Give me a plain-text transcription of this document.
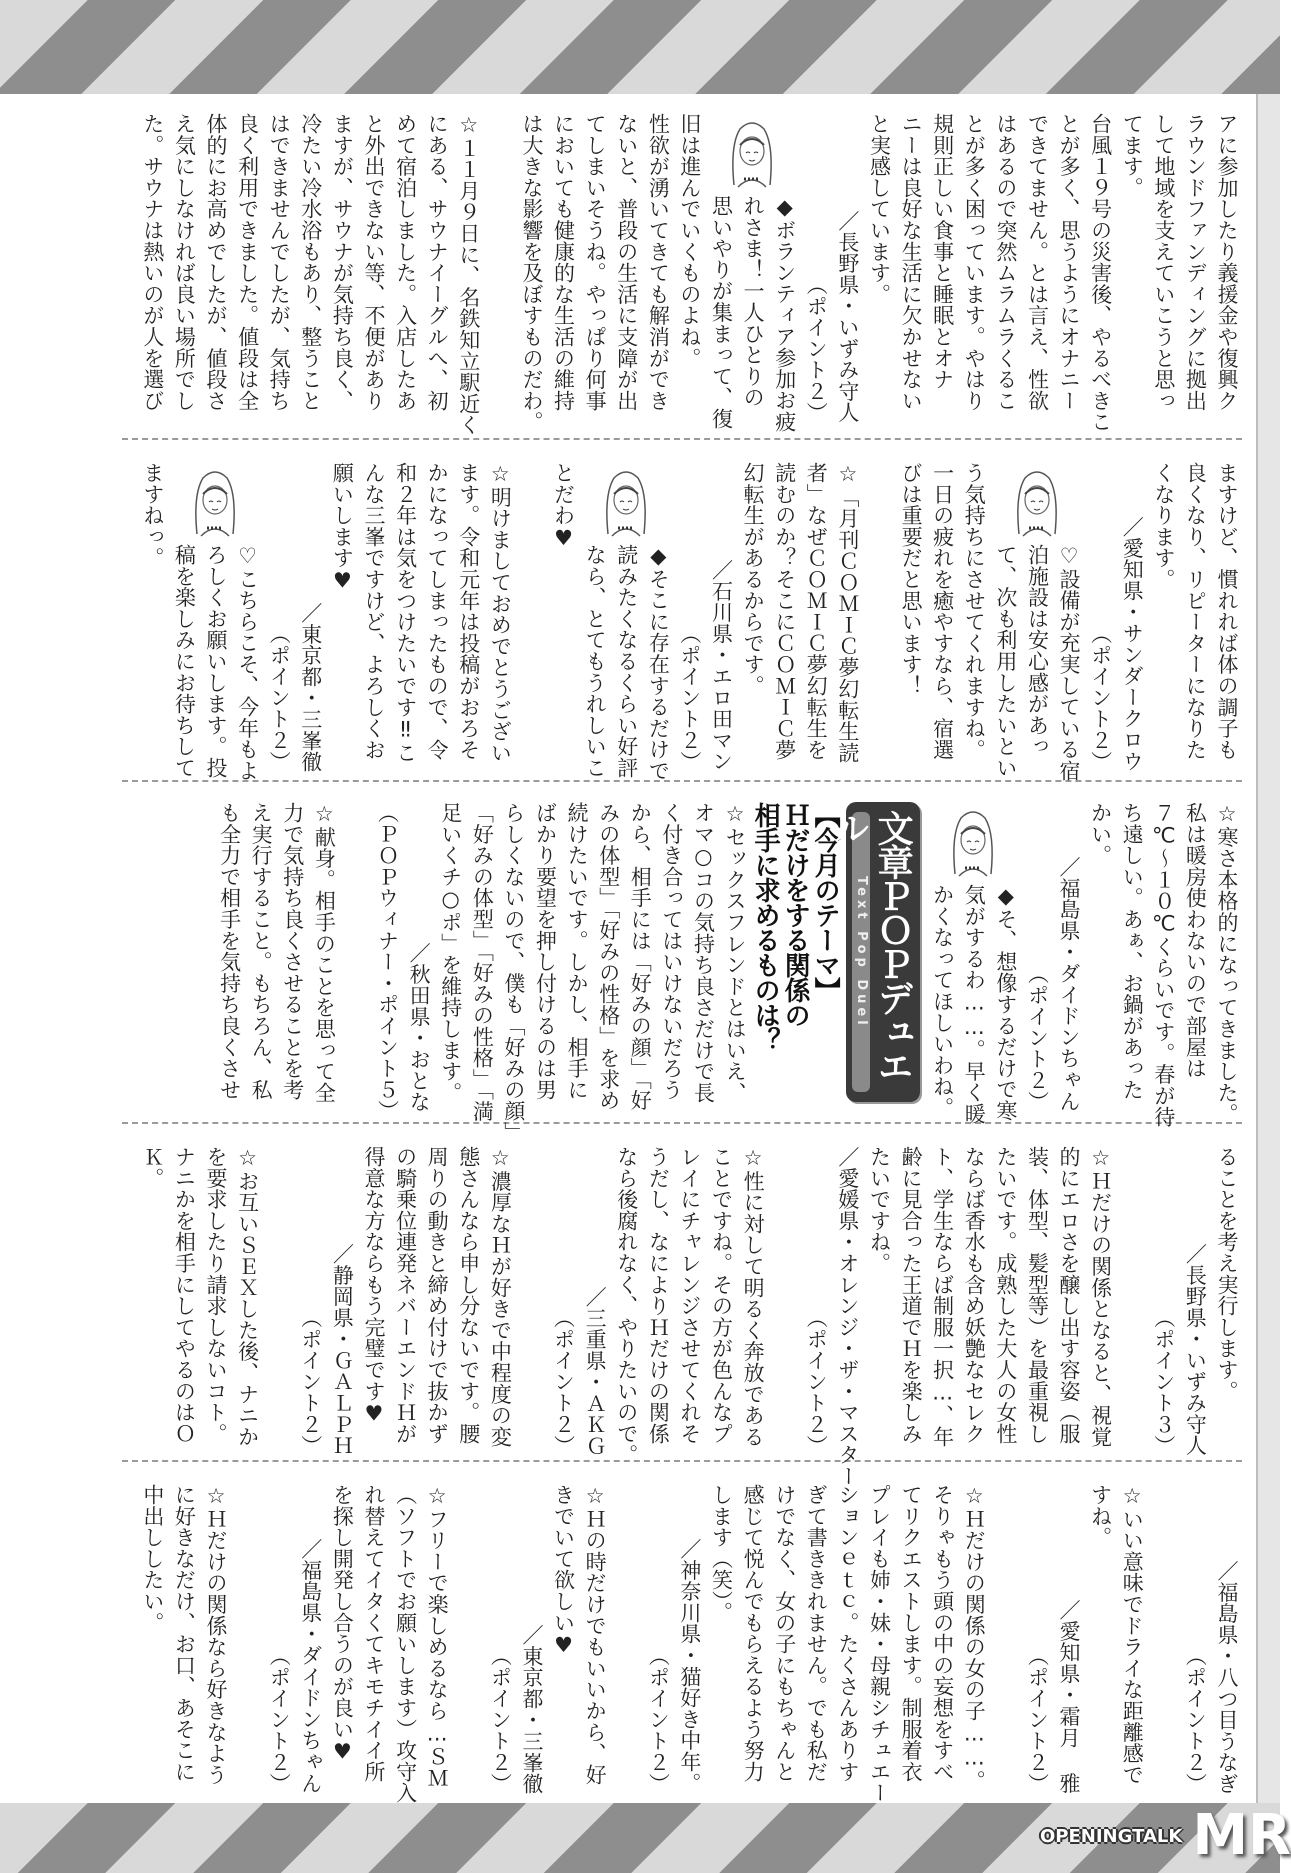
アに参加したり義援金や復興ク
ラウンドファンディングに拠出
して地域を支えていこうと思っ
てます。
台風１９号の災害後、やるべきこ
とが多く、思うようにオナニー
できてません。とは言え、性欲
はあるので突然ムラムラくるこ
とが多く困っています。やはり
規則正しい食事と睡眠とオナ
ニーは良好な生活に欠かせない
と実感しています。
／長野県・いずみ守人
（ポイント２）
◆ボランティア参加お疲
れさま！一人ひとりの
思いやりが集まって、復
旧は進んでいくものよね。
性欲が湧いてきても解消ができ
ないと、普段の生活に支障が出
てしまいそうね。やっぱり何事
においても健康的な生活の維持
は大きな影響を及ぼすものだわ。
☆１１月９日に、名鉄知立駅近く
にある、サウナイーグルへ、初
めて宿泊しました。入店したあ
と外出できない等、不便があり
ますが、サウナが気持ち良く、
冷たい冷水浴もあり、整うこと
はできませんでしたが、気持ち
良く利用できました。値段は全
体的にお高めでしたが、値段さ
え気にしなければ良い場所でし
た。サウナは熱いのが人を選び
ますけど、慣れれば体の調子も
良くなり、リピーターになりた
くなります。
／愛知県・サンダークロウ
（ポイント２）
♡設備が充実している宿
泊施設は安心感があっ
て、次も利用したいとい
う気持ちにさせてくれますね。
一日の疲れを癒やすなら、宿選
びは重要だと思います！
☆「月刊ＣＯＭＩＣ夢幻転生読
者」なぜＣＯＭＩＣ夢幻転生を
読むのか？そこにＣＯＭＩＣ夢
幻転生があるからです。
／石川県・エロ田マン
（ポイント２）
◆そこに存在するだけで
読みたくなるくらい好評
なら、とてもうれしいこ
とだわ♥
☆明けましておめでとうござい
ます。令和元年は投稿がおろそ
かになってしまったもので、令
和２年は気をつけたいです‼こ
んな三峯ですけど、よろしくお
願いします♥
／東京都・三峯徹
（ポイント２）
♡こちらこそ、今年もよ
ろしくお願いします。投
稿を楽しみにお待ちして
ますねっ。
☆寒さ本格的になってきました。
私は暖房使わないので部屋は
７℃〜１０℃くらいです。春が待
ち遠しい。あぁ、お鍋があった
かい。
／福島県・ダイドンちゃん
（ポイント２）
◆そ、想像するだけで寒
気がするわ……。早く暖
かくなってほしいわね。
Text Pop Duel 文章ＰＯＰデュエル
【今月のテーマ】
Ｈだけをする関係の
相手に求めるものは？
☆セックスフレンドとはいえ、
オマ○コの気持ち良さだけで長
く付き合ってはいけないだろう
から、相手には「好みの顔」「好
みの体型」「好みの性格」を求め
続けたいです。しかし、相手に
ばかり要望を押し付けるのは男
らしくないので、僕も「好みの顔」
「好みの体型」「好みの性格」「満
足いくチ○ポ」を維持します。
／秋田県・おとな
（ＰＯＰウィナー・ポイント５）
☆献身。相手のことを思って全
力で気持ち良くさせることを考
え実行すること。もちろん、私
も全力で相手を気持ち良くさせ
ることを考え実行します。
／長野県・いずみ守人
（ポイント３）
☆Ｈだけの関係となると、視覚
的にエロさを醸し出す容姿（服
装、体型、髪型等）を最重視し
たいです。成熟した大人の女性
ならば香水も含め妖艶なセレク
ト、学生ならば制服一択…、年
齢に見合った王道でＨを楽しみ
たいですね。
／愛媛県・オレンジ・ザ・マスター
（ポイント２）
☆性に対して明るく奔放である
ことですね。その方が色んなプ
レイにチャレンジさせてくれそ
うだし、なによりＨだけの関係
なら後腐れなく、やりたいので。
／三重県・ＡＫＧ
（ポイント２）
☆濃厚なＨが好きで中程度の変
態さんなら申し分ないです。腰
周りの動きと締め付けで抜かず
の騎乗位連発ネバーエンドＨが
得意な方ならもう完璧です♥
／静岡県・ＧＡＬＰＨ
（ポイント２）
☆お互いＳＥＸした後、ナニか
を要求したり請求しないコト。
ナニかを相手にしてやるのはＯ
Ｋ。
／福島県・八つ目うなぎ
（ポイント２）
☆いい意味でドライな距離感で
すね。
／愛知県・霜月 雅
（ポイント２）
☆Ｈだけの関係の女の子……。
そりゃもう頭の中の妄想をすべ
てリクエストします。制服着衣
プレイも姉・妹・母親シチュエー
ションｅｔｃ。たくさんありす
ぎて書ききれません。でも私だ
けでなく、女の子にもちゃんと
感じて悦んでもらえるよう努力
します（笑）。
／神奈川県・猫好き中年。
（ポイント２）
☆Ｈの時だけでもいいから、好
きでいて欲しい♥
／東京都・三峯徹
（ポイント２）
☆フリーで楽しめるなら…ＳＭ
（ソフトでお願いします）攻守入
れ替えてイタくてキモチイイ所
を探し開発し合うのが良い♥
／福島県・ダイドンちゃん
（ポイント２）
☆Ｈだけの関係なら好きなよう
に好きなだけ、お口、あそこに
中出ししたい。
OPENINGTALK MR
